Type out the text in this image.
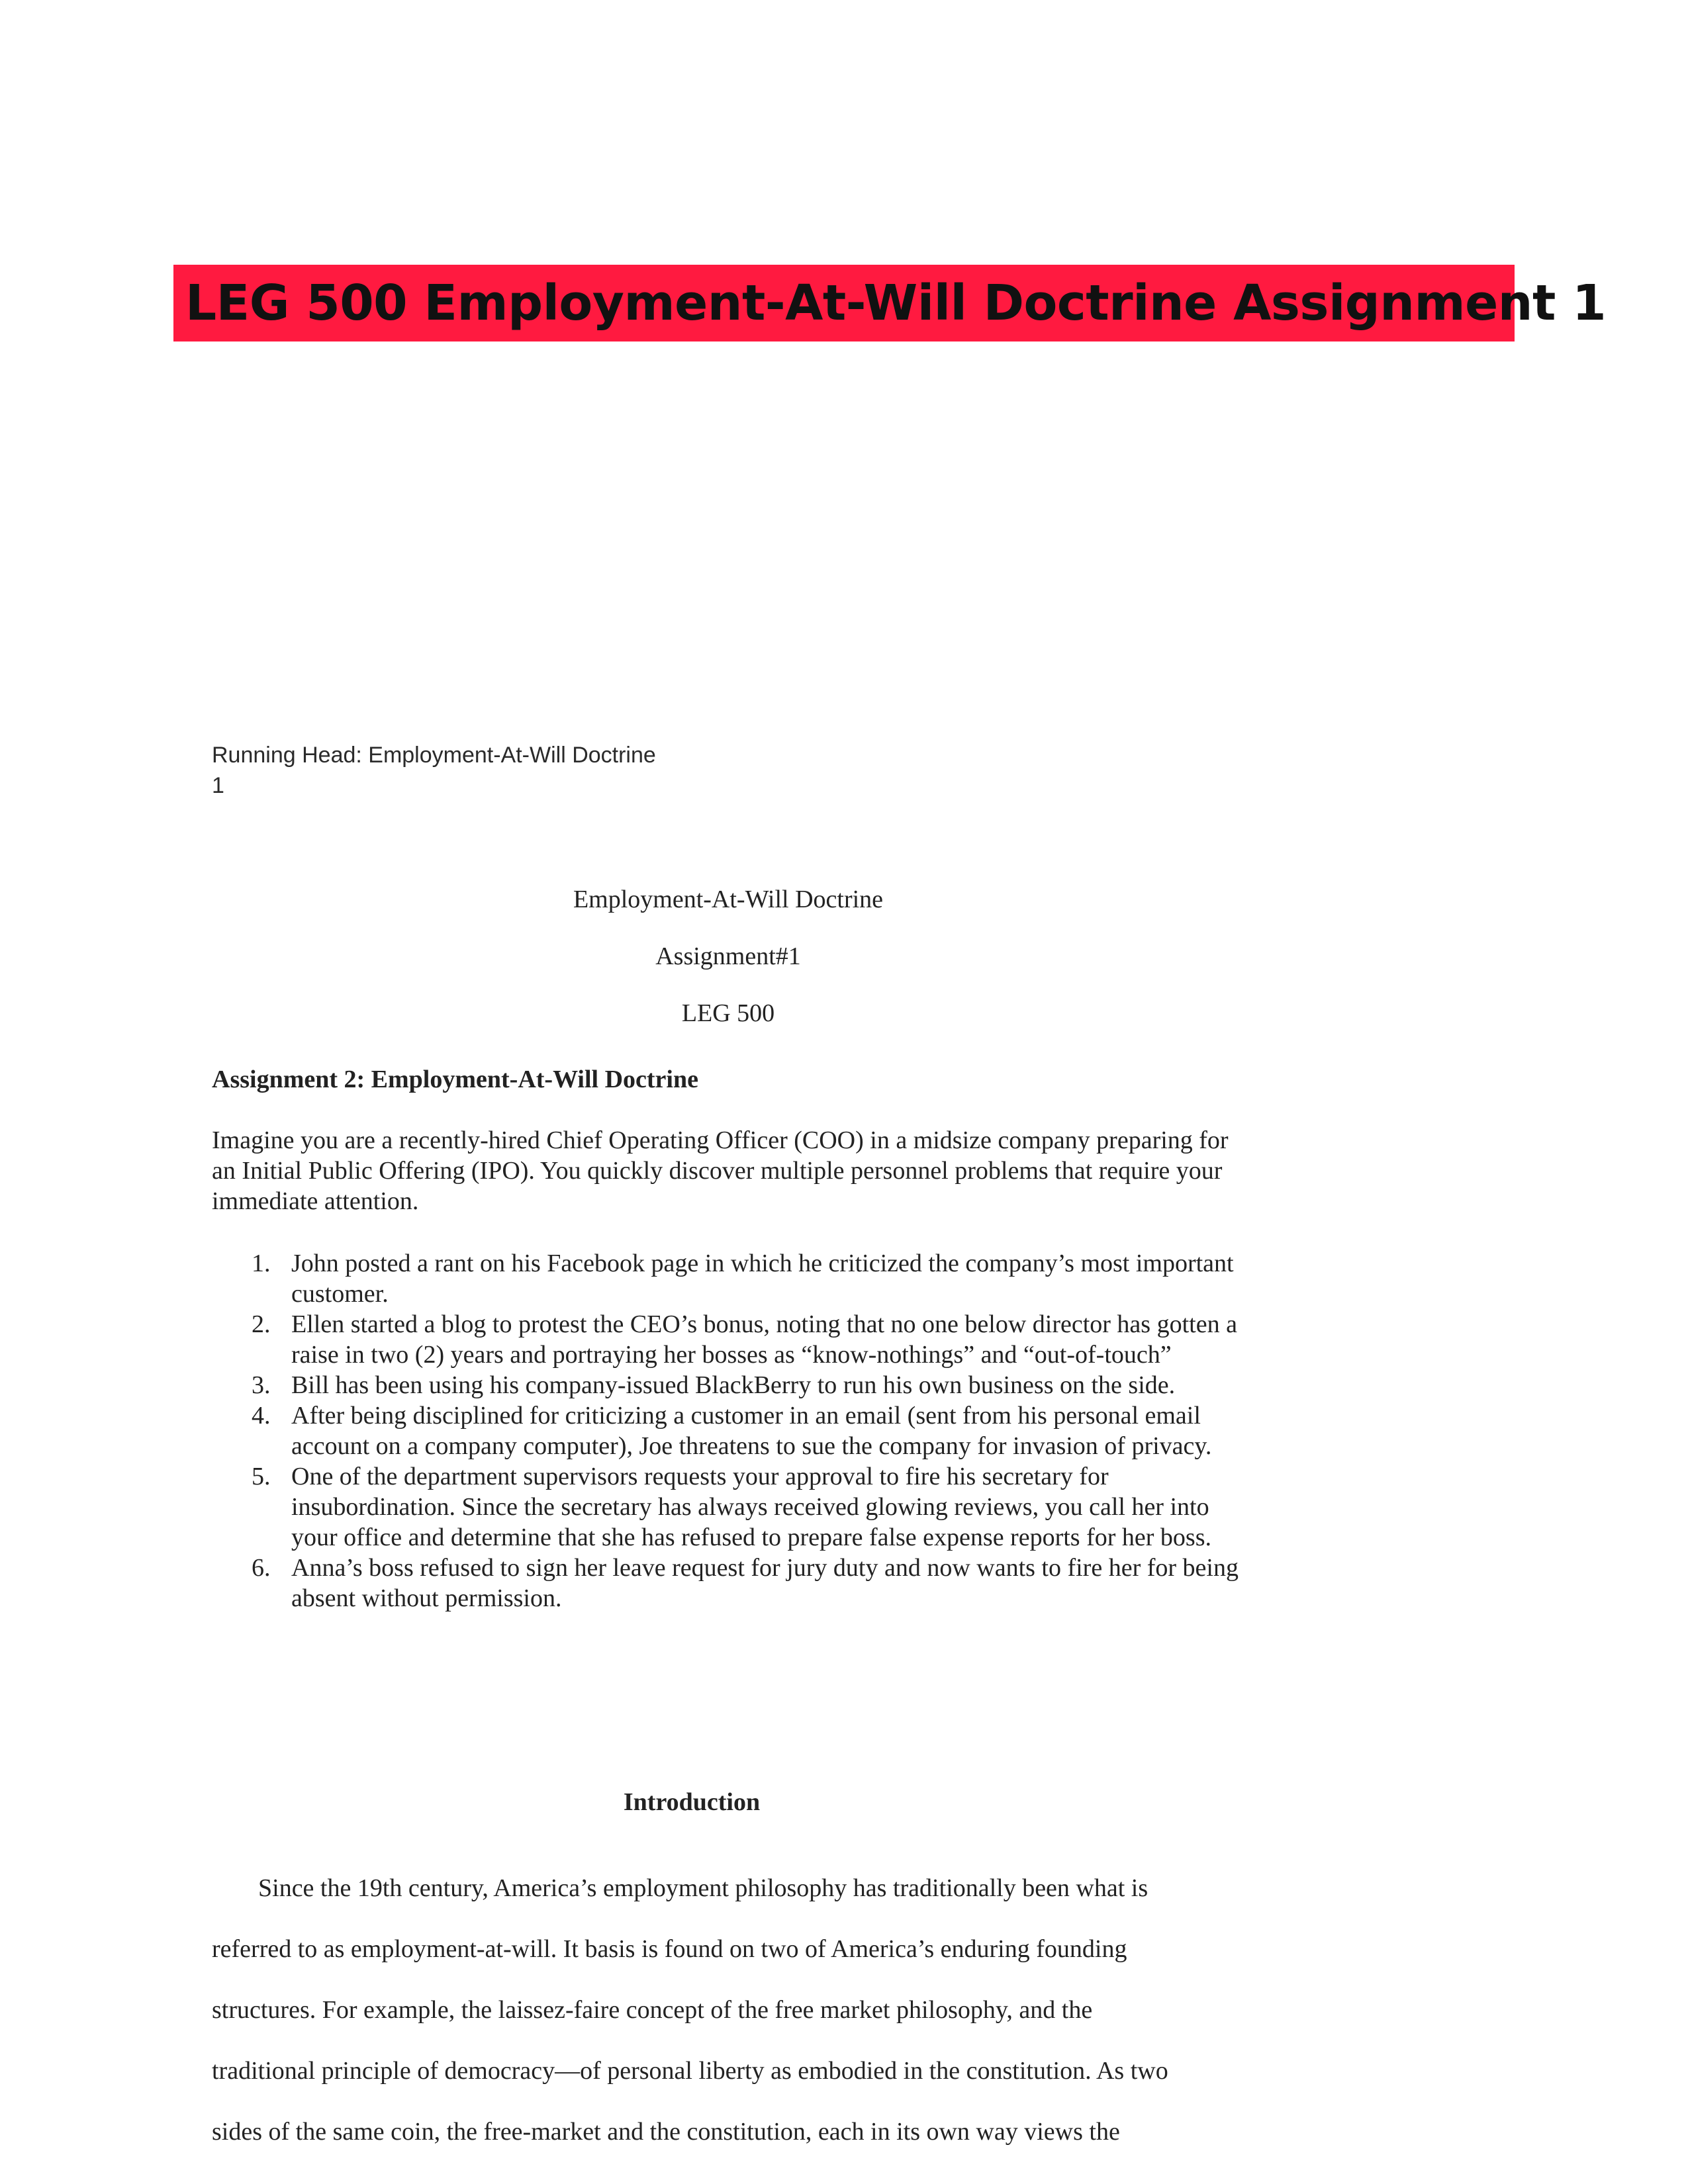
LEG 500 Employment-At-Will Doctrine Assignment 1
Running Head: Employment-At-Will Doctrine
1
Employment-At-Will Doctrine
Assignment#1
LEG 500
Assignment 2: Employment-At-Will Doctrine

Imagine you are a recently-hired Chief Operating Officer (COO) in a midsize company preparing for an Initial Public Offering (IPO). You quickly discover multiple personnel problems that require your immediate attention.

1. John posted a rant on his Facebook page in which he criticized the company’s most important customer.
2. Ellen started a blog to protest the CEO’s bonus, noting that no one below director has gotten a raise in two (2) years and portraying her bosses as “know-nothings” and “out-of-touch”
3. Bill has been using his company-issued BlackBerry to run his own business on the side.
4. After being disciplined for criticizing a customer in an email (sent from his personal email account on a company computer), Joe threatens to sue the company for invasion of privacy.
5. One of the department supervisors requests your approval to fire his secretary for insubordination. Since the secretary has always received glowing reviews, you call her into your office and determine that she has refused to prepare false expense reports for her boss.
6. Anna’s boss refused to sign her leave request for jury duty and now wants to fire her for being absent without permission.
Introduction
Since the 19th century, America’s employment philosophy has traditionally been what is
referred to as employment-at-will. It basis is found on two of America’s enduring founding
structures. For example, the laissez-faire concept of the free market philosophy, and the
traditional principle of democracy—of personal liberty as embodied in the constitution. As two
sides of the same coin, the free-market and the constitution, each in its own way views the
